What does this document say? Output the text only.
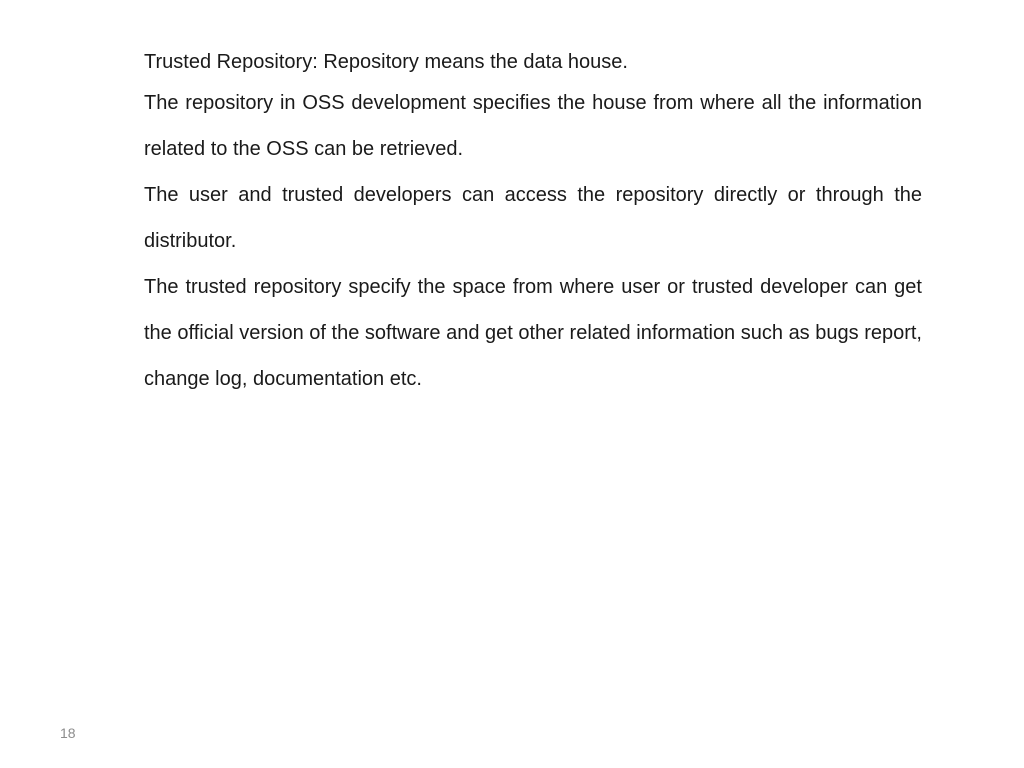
Trusted Repository: Repository means the data house.

The repository in OSS development specifies the house from where all the information related to the OSS can be retrieved.

The user and trusted developers can access the repository directly or through the distributor.

The trusted repository specify the space from where user or trusted developer can get the official version of the software and get other related information such as bugs report, change log, documentation etc.

18
